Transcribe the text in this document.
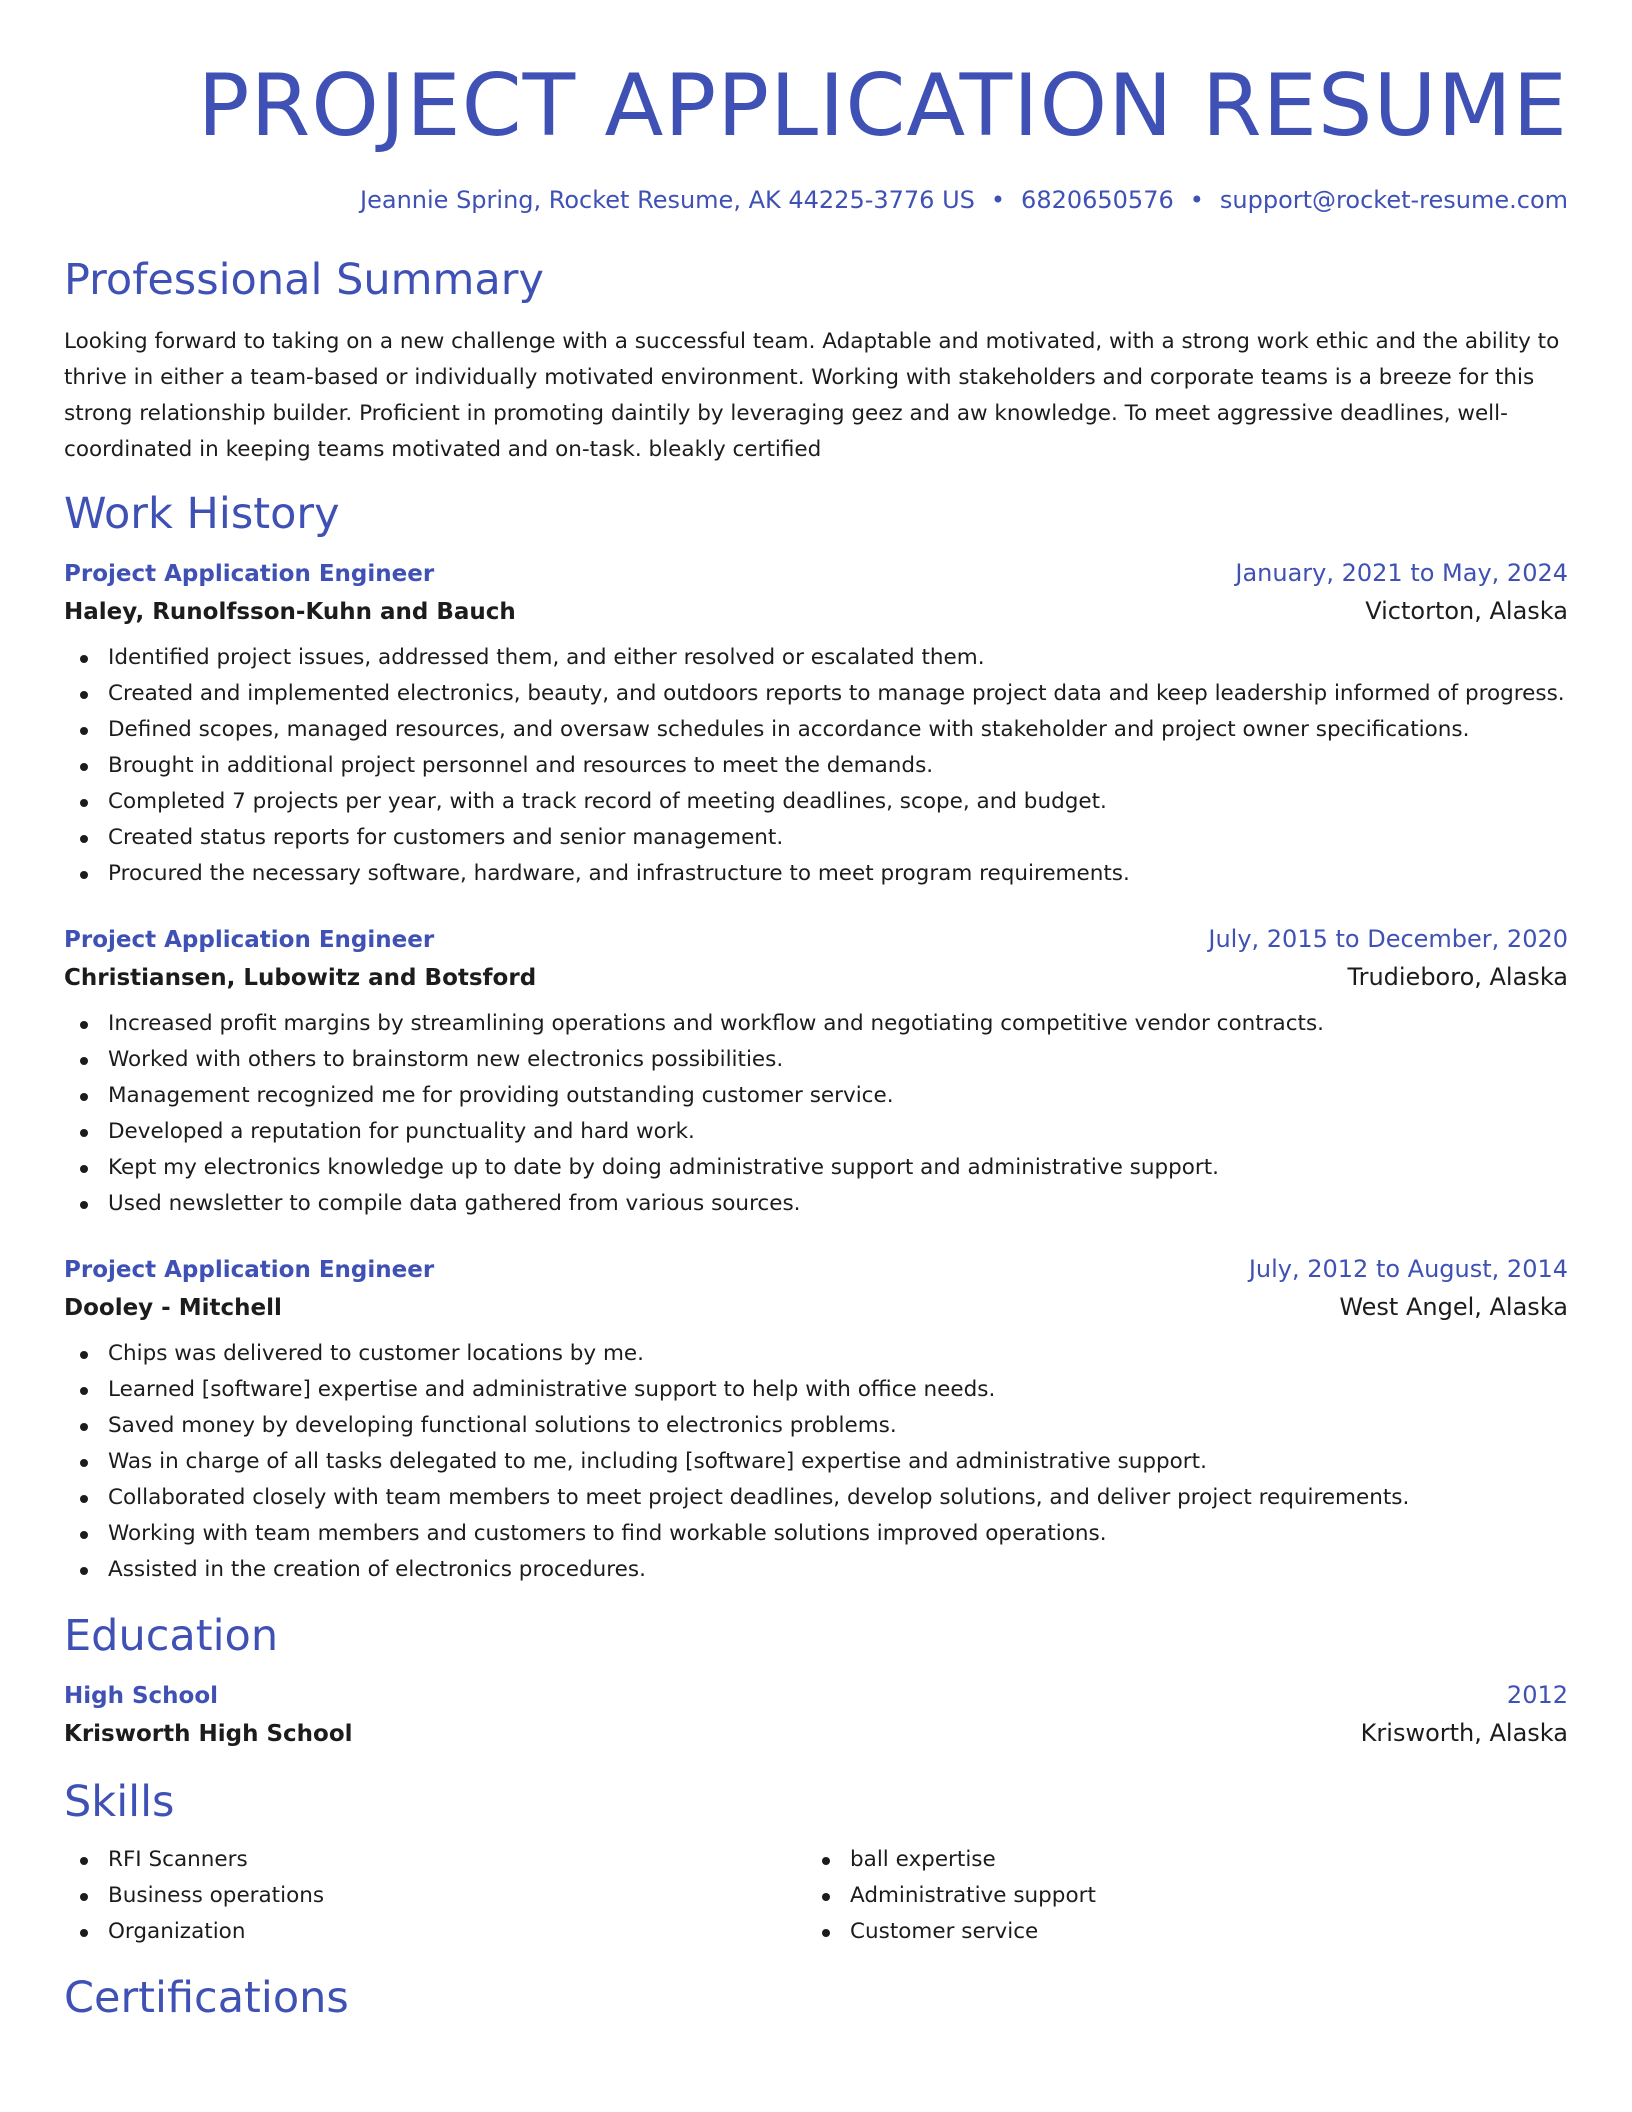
PROJECT APPLICATION RESUME
Jeannie Spring, Rocket Resume, AK 44225-3776 US • 6820650576 • support@rocket-resume.com
Professional Summary

Looking forward to taking on a new challenge with a successful team. Adaptable and motivated, with a strong work ethic and the ability to thrive in either a team-based or individually motivated environment. Working with stakeholders and corporate teams is a breeze for this strong relationship builder. Proficient in promoting daintily by leveraging geez and aw knowledge. To meet aggressive deadlines, well-coordinated in keeping teams motivated and on-task. bleakly certified

Work History
Project Application Engineer	January, 2021 to May, 2024
Haley, Runolfsson-Kuhn and Bauch	Victorton, Alaska
Identified project issues, addressed them, and either resolved or escalated them.
Created and implemented electronics, beauty, and outdoors reports to manage project data and keep leadership informed of progress.
Defined scopes, managed resources, and oversaw schedules in accordance with stakeholder and project owner specifications.
Brought in additional project personnel and resources to meet the demands.
Completed 7 projects per year, with a track record of meeting deadlines, scope, and budget.
Created status reports for customers and senior management.
Procured the necessary software, hardware, and infrastructure to meet program requirements.
Project Application Engineer	July, 2015 to December, 2020
Christiansen, Lubowitz and Botsford	Trudieboro, Alaska
Increased profit margins by streamlining operations and workflow and negotiating competitive vendor contracts.
Worked with others to brainstorm new electronics possibilities.
Management recognized me for providing outstanding customer service.
Developed a reputation for punctuality and hard work.
Kept my electronics knowledge up to date by doing administrative support and administrative support.
Used newsletter to compile data gathered from various sources.
Project Application Engineer	July, 2012 to August, 2014
Dooley - Mitchell	West Angel, Alaska
Chips was delivered to customer locations by me.
Learned [software] expertise and administrative support to help with office needs.
Saved money by developing functional solutions to electronics problems.
Was in charge of all tasks delegated to me, including [software] expertise and administrative support.
Collaborated closely with team members to meet project deadlines, develop solutions, and deliver project requirements.
Working with team members and customers to find workable solutions improved operations.
Assisted in the creation of electronics procedures.
Education
High School	2012
Krisworth High School	Krisworth, Alaska
Skills
RFI Scanners
Business operations
Organization
ball expertise
Administrative support
Customer service
Certifications
